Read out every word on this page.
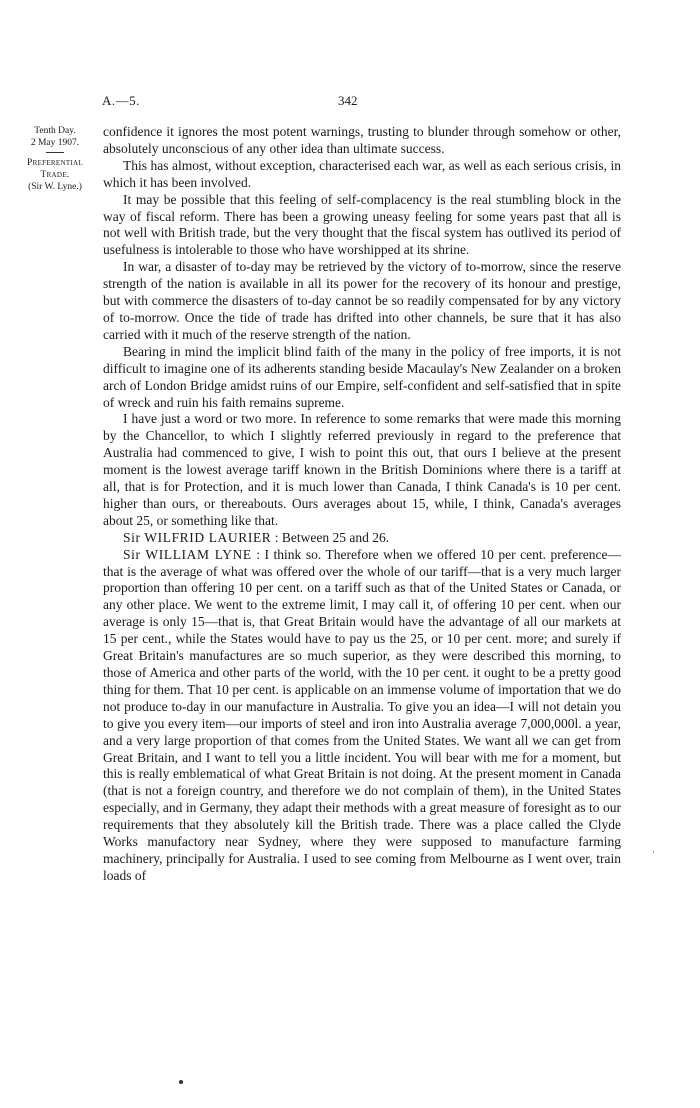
A.—5.	342
Tenth Day.
2 May 1907.
Preferential
Trade.
(Sir W. Lyne.)

confidence it ignores the most potent warnings, trusting to blunder through somehow or other, absolutely unconscious of any other idea than ultimate success.

This has almost, without exception, characterised each war, as well as each serious crisis, in which it has been involved.

It may be possible that this feeling of self-complacency is the real stumbling block in the way of fiscal reform. There has been a growing uneasy feeling for some years past that all is not well with British trade, but the very thought that the fiscal system has outlived its period of usefulness is intolerable to those who have worshipped at its shrine.

In war, a disaster of to-day may be retrieved by the victory of to-morrow, since the reserve strength of the nation is available in all its power for the recovery of its honour and prestige, but with commerce the disasters of to-day cannot be so readily compensated for by any victory of to-morrow. Once the tide of trade has drifted into other channels, be sure that it has also carried with it much of the reserve strength of the nation.

Bearing in mind the implicit blind faith of the many in the policy of free imports, it is not difficult to imagine one of its adherents standing beside Macaulay's New Zealander on a broken arch of London Bridge amidst ruins of our Empire, self-confident and self-satisfied that in spite of wreck and ruin his faith remains supreme.

I have just a word or two more. In reference to some remarks that were made this morning by the Chancellor, to which I slightly referred previously in regard to the preference that Australia had commenced to give, I wish to point this out, that ours I believe at the present moment is the lowest average tariff known in the British Dominions where there is a tariff at all, that is for Protection, and it is much lower than Canada, I think Canada's is 10 per cent. higher than ours, or thereabouts. Ours averages about 15, while, I think, Canada's averages about 25, or something like that.

Sir WILFRID LAURIER : Between 25 and 26.

Sir WILLIAM LYNE : I think so. Therefore when we offered 10 per cent. preference—that is the average of what was offered over the whole of our tariff—that is a very much larger proportion than offering 10 per cent. on a tariff such as that of the United States or Canada, or any other place. We went to the extreme limit, I may call it, of offering 10 per cent. when our average is only 15—that is, that Great Britain would have the advantage of all our markets at 15 per cent., while the States would have to pay us the 25, or 10 per cent. more; and surely if Great Britain's manufactures are so much superior, as they were described this morning, to those of America and other parts of the world, with the 10 per cent. it ought to be a pretty good thing for them. That 10 per cent. is applicable on an immense volume of importation that we do not produce to-day in our manufacture in Australia. To give you an idea—I will not detain you to give you every item—our imports of steel and iron into Australia average 7,000,000l. a year, and a very large proportion of that comes from the United States. We want all we can get from Great Britain, and I want to tell you a little incident. You will bear with me for a moment, but this is really emblematical of what Great Britain is not doing. At the present moment in Canada (that is not a foreign country, and therefore we do not complain of them), in the United States especially, and in Germany, they adapt their methods with a great measure of foresight as to our requirements that they absolutely kill the British trade. There was a place called the Clyde Works manufactory near Sydney, where they were supposed to manufacture farming machinery, principally for Australia. I used to see coming from Melbourne as I went over, train loads of

ˌ
